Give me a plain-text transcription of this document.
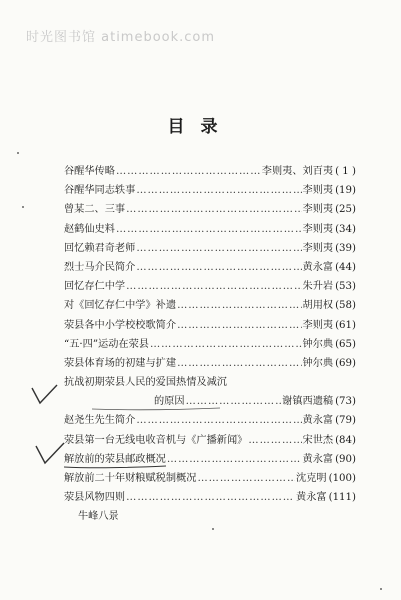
时光图书馆 atimebook.com
目录
谷醒华传略 ………………………………………………………………………………………………………………	李则夷、刘百夷 ( 1 )
谷醒华同志轶事 ………………………………………………………………………………………………………………	李则夷 (19)
曾某二、三事 ………………………………………………………………………………………………………………	李则夷 (25)
赵鹤仙史料 ………………………………………………………………………………………………………………	李则夷 (34)
回忆赖君奇老师 ………………………………………………………………………………………………………………	李则夷 (39)
烈士马介民简介 ………………………………………………………………………………………………………………	黄永富 (44)
回忆存仁中学 ………………………………………………………………………………………………………………	朱升岩 (53)
对《回忆存仁中学》补遗 ………………………………………………………………………………………………………………	胡用权 (58)
荥县各中小学校校歌简介 ………………………………………………………………………………………………………………	李则夷 (61)
“五·四”运动在荥县 ………………………………………………………………………………………………………………	钟尔典 (65)
荥县体育场的初建与扩建 ………………………………………………………………………………………………………………	钟尔典 (69)
抗战初期荥县人民的爱国热情及减沉
的原因 ………………………………………………………………………………………………………………	谢镇西遗稿 (73)
赵尧生先生简介 ………………………………………………………………………………………………………………	黄永富 (79)
荥县第一台无线电收音机与《广播新闻》 ………………………………………………………………………………………………………………	宋世杰 (84)
解放前的荥县邮政概况 ………………………………………………………………………………………………………………	黄永富 (90)
解放前二十年财粮赋税制概况 ………………………………………………………………………………………………………………	沈克明 (100)
荥县风物四则 ………………………………………………………………………………………………………………	黄永富 (111)
牛峰八景
